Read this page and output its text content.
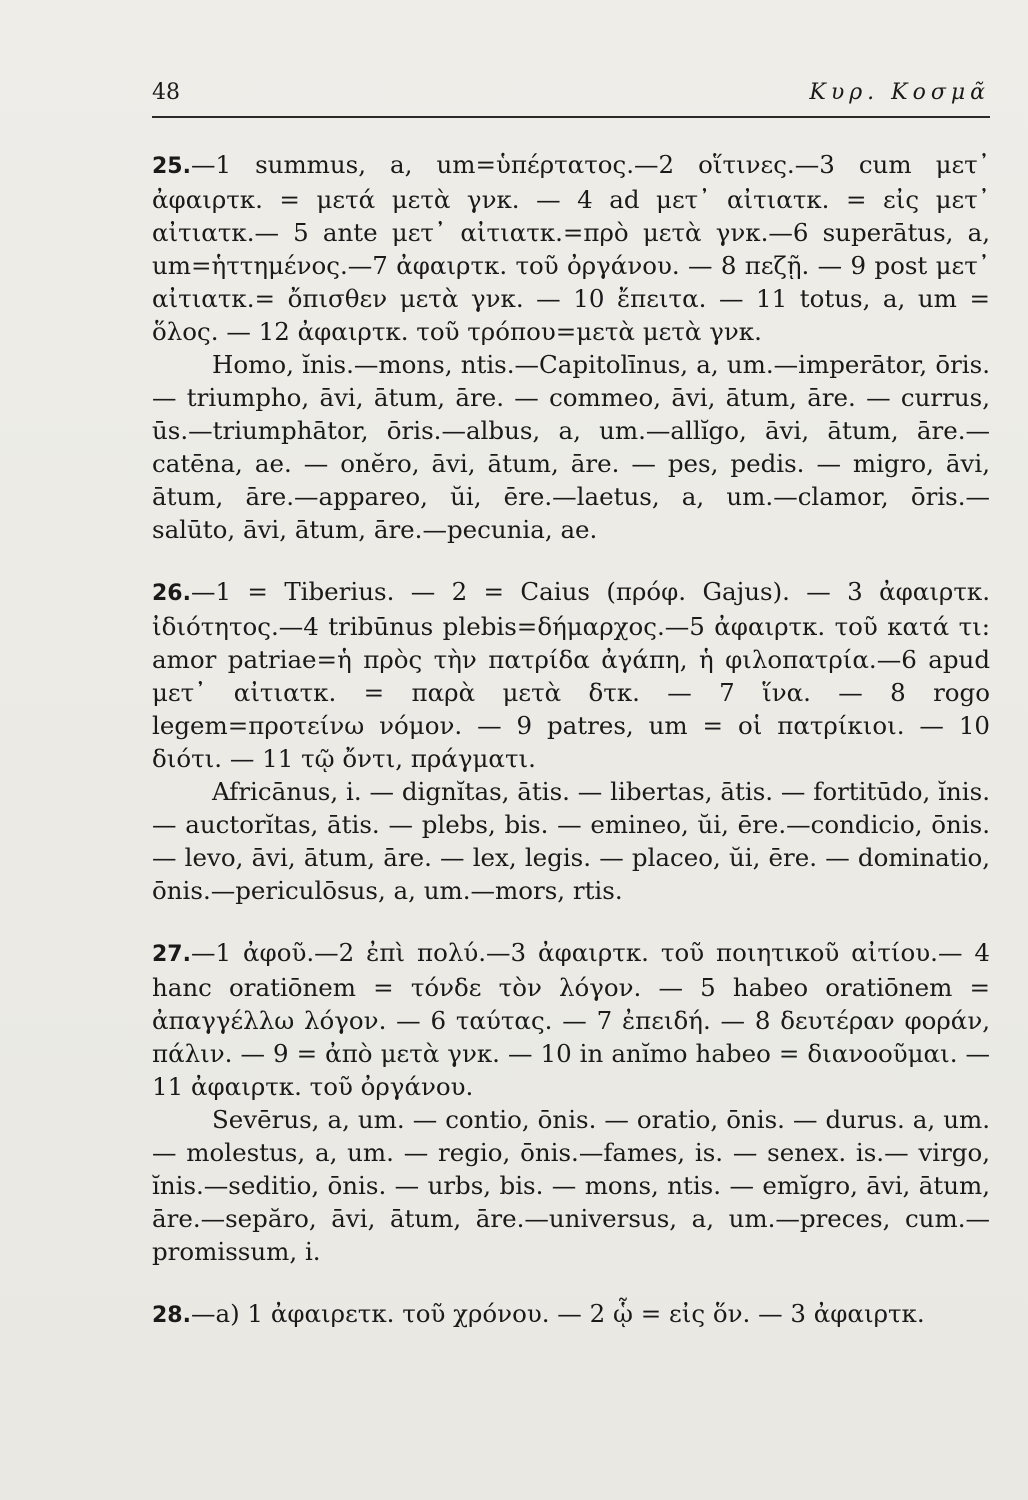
48	Κυρ. Κοσμᾶ

25.—1 summus, a, um=ὑπέρτατος.—2 οἵτινες.—3 cum μετ᾽ ἀφαιρτκ. = μετά μετὰ γνκ. — 4 ad μετ᾽ αἰτιατκ. = εἰς μετ᾽ αἰτιατκ.— 5 ante μετ᾽ αἰτιατκ.=πρὸ μετὰ γνκ.—6 superātus, a, um=ἡττημένος.—7 ἀφαιρτκ. τοῦ ὀργάνου. — 8 πεζῇ. — 9 post μετ᾽ αἰτιατκ.= ὄπισθεν μετὰ γνκ. — 10 ἔπειτα. — 11 totus, a, um = ὅλος. — 12 ἀφαιρτκ. τοῦ τρόπου=μετὰ μετὰ γνκ.

Homo, ĭnis.—mons, ntis.—Capitolīnus, a, um.—imperātor, ōris. — triumpho, āvi, ātum, āre. — commeo, āvi, ātum, āre. — currus, ūs.—triumphātor, ōris.—albus, a, um.—allĭgo, āvi, ātum, āre.—catēna, ae. — onĕro, āvi, ātum, āre. — pes, pedis. — migro, āvi, ātum, āre.—appareo, ŭi, ēre.—laetus, a, um.—clamor, ōris.— salūto, āvi, ātum, āre.—pecunia, ae.

26.—1 = Tiberius. — 2 = Caius (πρόφ. Gajus). — 3 ἀφαιρτκ. ἰδιότητος.—4 tribūnus plebis=δήμαρχος.—5 ἀφαιρτκ. τοῦ κατά τι: amor patriae=ἡ πρὸς τὴν πατρίδα ἀγάπη, ἡ φιλοπατρία.—6 apud μετ᾽ αἰτιατκ. = παρὰ μετὰ δτκ. — 7 ἵνα. — 8 rogo legem=προτείνω νόμον. — 9 patres, um = οἱ πατρίκιοι. — 10 διότι. — 11 τῷ ὄντι, πράγματι.

Africānus, i. — dignĭtas, ātis. — libertas, ātis. — fortitūdo, ĭnis. — auctorĭtas, ātis. — plebs, bis. — emineo, ŭi, ēre.—condicio, ōnis. — levo, āvi, ātum, āre. — lex, legis. — placeo, ŭi, ēre. — dominatio, ōnis.—periculōsus, a, um.—mors, rtis.

27.—1 ἀφοῦ.—2 ἐπὶ πολύ.—3 ἀφαιρτκ. τοῦ ποιητικοῦ αἰτίου.— 4 hanc oratiōnem = τόνδε τὸν λόγον. — 5 habeo oratiōnem = ἀπαγγέλλω λόγον. — 6 ταύτας. — 7 ἐπειδή. — 8 δευτέραν φοράν, πάλιν. — 9 = ἀπὸ μετὰ γνκ. — 10 in anĭmo habeo = διανοοῦμαι. — 11 ἀφαιρτκ. τοῦ ὀργάνου.

Sevērus, a, um. — contio, ōnis. — oratio, ōnis. — durus. a, um. — molestus, a, um. — regio, ōnis.—fames, is. — senex. is.— virgo, ĭnis.—seditio, ōnis. — urbs, bis. — mons, ntis. — emĭgro, āvi, ātum, āre.—sepăro, āvi, ātum, āre.—universus, a, um.—preces, cum.—promissum, i.

28.—a) 1 ἀφαιρετκ. τοῦ χρόνου. — 2 ᾧ = εἰς ὅν. — 3 ἀφαιρτκ.
